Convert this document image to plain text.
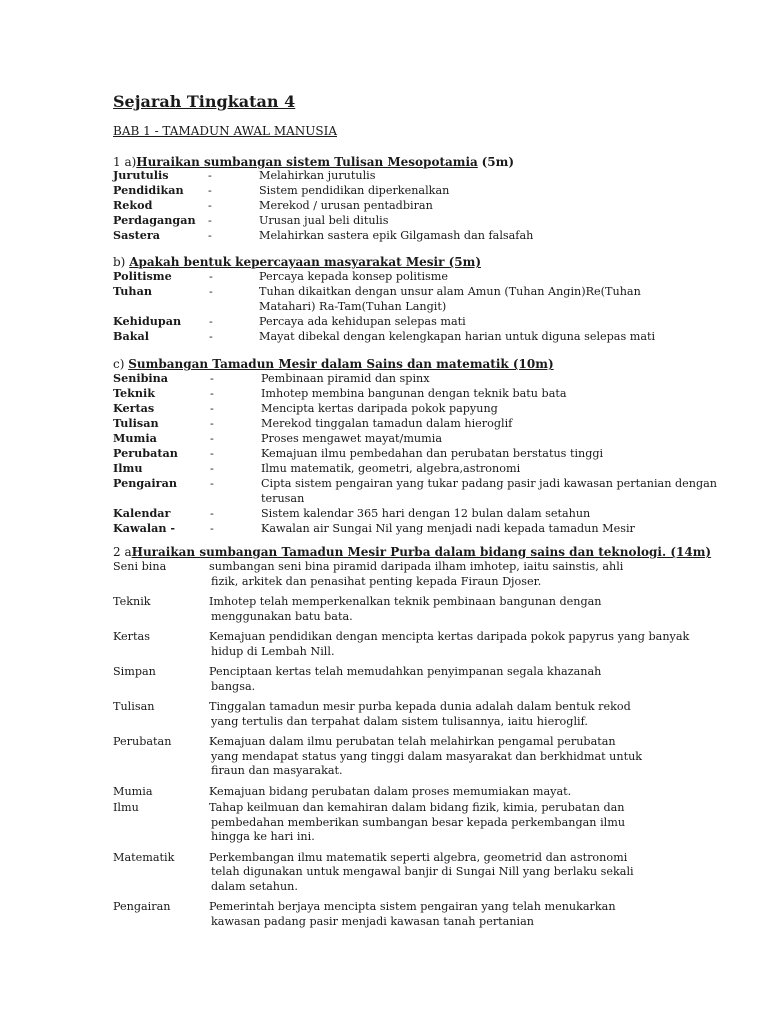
Sejarah Tingkatan 4

BAB 1 - TAMADUN AWAL MANUSIA

1 a)Huraikan sumbangan sistem Tulisan Mesopotamia (5m)

Jurutulis	-	Melahirkan jurutulis
Pendidikan -	Sistem pendidikan diperkenalkan
Rekod	-	Merekod / urusan pentadbiran
Perdagangan -	Urusan jual beli ditulis
Sastera	-	Melahirkan sastera epik Gilgamash dan falsafah

b) Apakah bentuk kepercayaan masyarakat Mesir (5m)

Politisme	-	Percaya kepada konsep politisme
Tuhan	-	Tuhan dikaitkan dengan unsur alam Amun (Tuhan Angin)Re(Tuhan
Matahari) Ra-Tam(Tuhan Langit)
Kehidupan -	Percaya ada kehidupan selepas mati
Bakal	-	Mayat dibekal dengan kelengkapan harian untuk diguna selepas mati

c) Sumbangan Tamadun Mesir dalam Sains dan matematik (10m)

Senibina	-	Pembinaan piramid dan spinx
Teknik	-	Imhotep membina bangunan dengan teknik batu bata
Kertas	-	Mencipta kertas daripada pokok papyung
Tulisan	-	Merekod tinggalan tamadun dalam hieroglif
Mumia	-	Proses mengawet mayat/mumia
Perubatan	-	Kemajuan ilmu pembedahan dan perubatan berstatus tinggi
Ilmu	-	Ilmu matematik, geometri, algebra,astronomi
Pengairan	-	Cipta sistem pengairan yang tukar padang pasir jadi kawasan pertanian dengan
terusan
Kalendar	-	Sistem kalendar 365 hari dengan 12 bulan dalam setahun
Kawalan -	-	Kawalan air Sungai Nil yang menjadi nadi kepada tamadun Mesir

2 aHuraikan sumbangan Tamadun Mesir Purba dalam bidang sains dan teknologi. (14m)

Seni bina	sumbangan seni bina piramid daripada ilham imhotep, iaitu sainstis, ahli
fizik, arkitek dan penasihat penting kepada Firaun Djoser.
Teknik	Imhotep telah memperkenalkan teknik pembinaan bangunan dengan
menggunakan batu bata.
Kertas	Kemajuan pendidikan dengan mencipta kertas daripada pokok papyrus yang banyak
hidup di Lembah Nill.
Simpan	Penciptaan kertas telah memudahkan penyimpanan segala khazanah
bangsa.
Tulisan	Tinggalan tamadun mesir purba kepada dunia adalah dalam bentuk rekod
yang tertulis dan terpahat dalam sistem tulisannya, iaitu hieroglif.
Perubatan	Kemajuan dalam ilmu perubatan telah melahirkan pengamal perubatan
yang mendapat status yang tinggi dalam masyarakat dan berkhidmat untuk
firaun dan masyarakat.
Mumia	Kemajuan bidang perubatan dalam proses memumiakan mayat.
Ilmu	Tahap keilmuan dan kemahiran dalam bidang fizik, kimia, perubatan dan
pembedahan memberikan sumbangan besar kepada perkembangan ilmu
hingga ke hari ini.
Matematik	Perkembangan ilmu matematik seperti algebra, geometrid dan astronomi
telah digunakan untuk mengawal banjir di Sungai Nill yang berlaku sekali
dalam setahun.
Pengairan	Pemerintah berjaya mencipta sistem pengairan yang telah menukarkan
kawasan padang pasir menjadi kawasan tanah pertanian
